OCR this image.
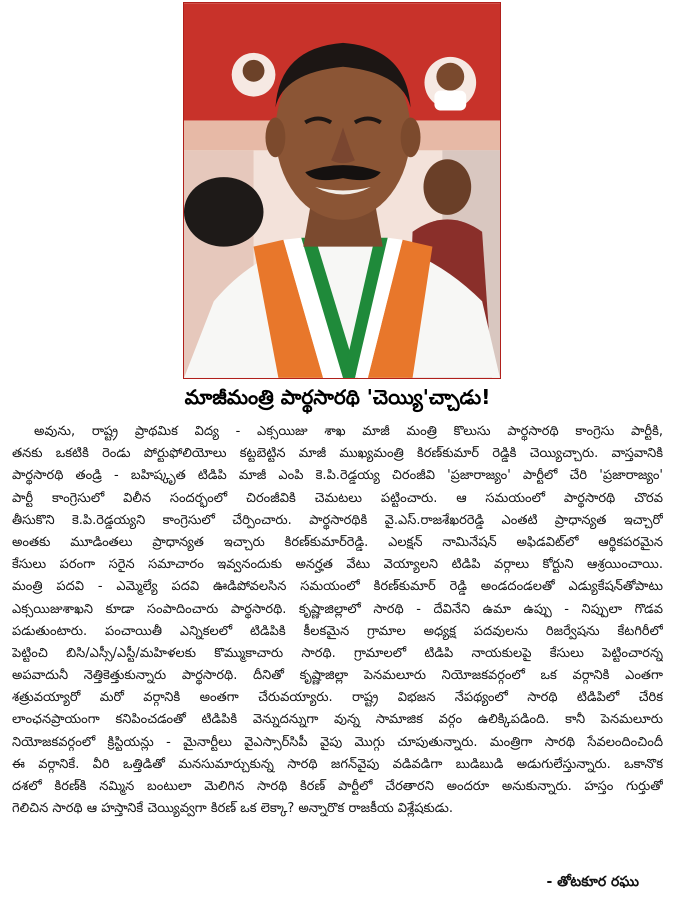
మాజీమంత్రి పార్థసారథి 'చెయ్యి'చ్చాడు!
అవును, రాష్ట్ర ప్రాథమిక విద్య - ఎక్సయిజు శాఖ మాజీ మంత్రి కొలుసు పార్థసారథి కాంగ్రెసు పార్టీకి,
తనకు ఒకటికి రెండు పోర్టుఫోలియోలు కట్టబెట్టిన మాజీ ముఖ్యమంత్రి కిరణ్‌కుమార్ రెడ్డికి చెయ్యిచ్చారు. వాస్తవానికి
పార్థసారథి తండ్రి - బహిష్కృత టిడిపి మాజీ ఎంపి కె.పి.రెడ్డయ్య చిరంజీవి 'ప్రజారాజ్యం' పార్టీలో చేరి 'ప్రజారాజ్యం'
పార్టీ కాంగ్రెసులో విలీన సందర్భంలో చిరంజీవికి చెమటలు పట్టించారు. ఆ సమయంలో పార్థసారథి చొరవ
తీసుకొని కె.పి.రెడ్డయ్యని కాంగ్రెసులో చేర్పించారు. పార్థసారథికి వై.ఎస్.రాజశేఖరరెడ్డి ఎంతటి ప్రాధాన్యత ఇచ్చారో
అంతకు మూడింతలు ప్రాధాన్యత ఇచ్చారు కిరణ్‌కుమార్‌రెడ్డి. ఎలక్షన్ నామినేషన్ అఫిడవిట్‌లో ఆర్థికపరమైన
కేసులు పరంగా సరైన సమాచారం ఇవ్వనందుకు అనర్హత వేటు వెయ్యాలని టిడిపి వర్గాలు కోర్టుని ఆశ్రయించాయి.
మంత్రి పదవి - ఎమ్మెల్యే పదవి ఊడిపోవలసిన సమయంలో కిరణ్‌కుమార్ రెడ్డి అండదండలతో ఎడ్యుకేషన్‌తోపాటు
ఎక్సయిజుశాఖని కూడా సంపాదించారు పార్థసారథి. కృష్ణాజిల్లాలో సారథి - దేవినేని ఉమా ఉప్పు - నిప్పులా గొడవ
పడుతుంటారు. పంచాయితీ ఎన్నికలలో టిడిపికి కీలకమైన గ్రామాల అధ్యక్ష పదవులను రిజర్వేషను కేటగిరీలో
పెట్టించి బిసి/ఎస్సీ/ఎస్టీ/మహిళలకు కొమ్ముకాచారు సారథి. గ్రామాలలో టిడిపి నాయకులపై కేసులు పెట్టించారన్న
అపవాదునీ నెత్తికెత్తుకున్నారు పార్థసారథి. దీనితో కృష్ణాజిల్లా పెనమలూరు నియోజకవర్గంలో ఒక వర్గానికి ఎంతగా
శత్రువయ్యారో మరో వర్గానికి అంతగా చేరువయ్యారు. రాష్ట్ర విభజన నేపథ్యంలో సారథి టిడిపిలో చేరిక
లాంఛనప్రాయంగా కనిపించడంతో టిడిపికి వెన్నుదన్నుగా వున్న సామాజిక వర్గం ఉలిక్కిపడింది. కానీ పెనమలూరు
నియోజకవర్గంలో క్రిస్టియన్లు - మైనార్టీలు వైఎస్సార్‌సిపీ వైపు మొగ్గు చూపుతున్నారు. మంత్రిగా సారథి సేవలందించిందీ
ఈ వర్గానికే. వీరి ఒత్తిడితో మనసుమార్చుకున్న సారథి జగన్‌వైపు వడివడిగా బుడిబుడి అడుగులేస్తున్నారు. ఒకానొక
దశలో కిరణ్‌కి నమ్మిన బంటులా మెలిగిన సారథి కిరణ్ పార్టీలో చేరతారని అందరూ అనుకున్నారు. హస్తం గుర్తుతో
గెలిచిన సారథి ఆ హస్తానికే చెయ్యివ్వగా కిరణ్ ఒక లెక్కా? అన్నారొక రాజకీయ విశ్లేషకుడు.
- తోటకూర రఘు
